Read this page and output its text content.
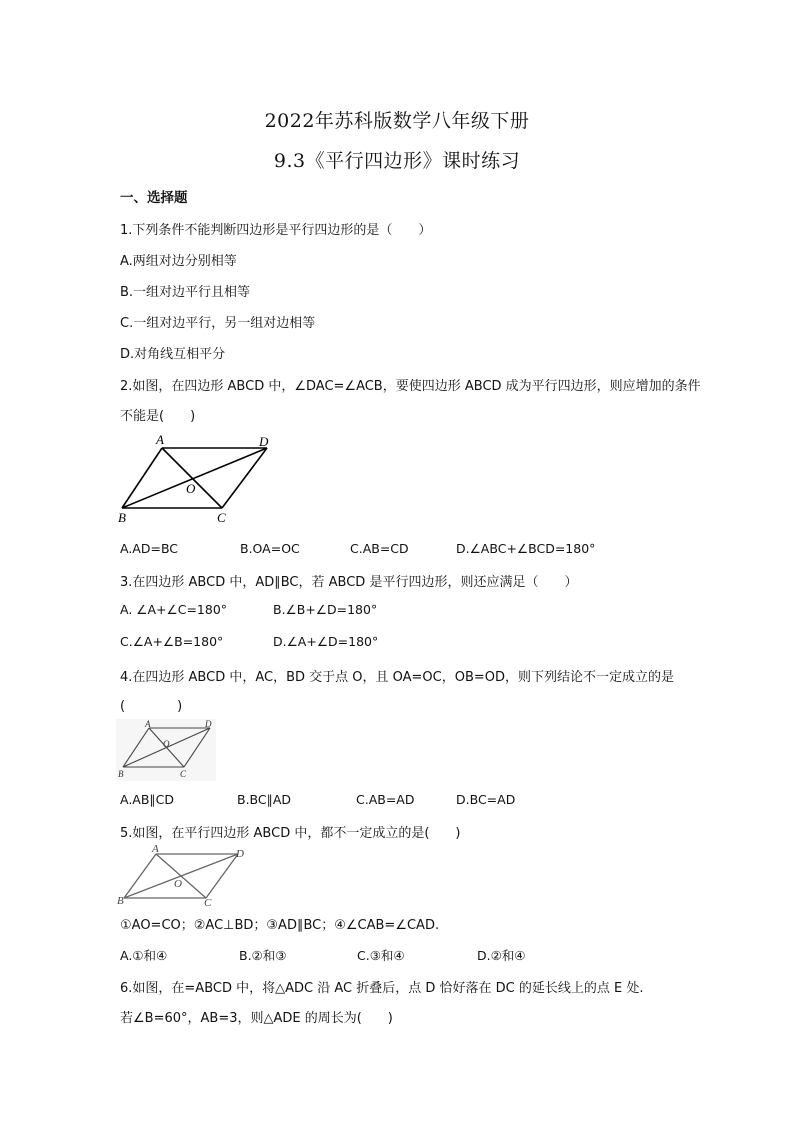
2022年苏科版数学八年级下册
9.3《平行四边形》课时练习
一、选择题
1.下列条件不能判断四边形是平行四边形的是（　　）
A.两组对边分别相等
B.一组对边平行且相等
C.一组对边平行，另一组对边相等
D.对角线互相平分
2.如图，在四边形 ABCD 中，∠DAC=∠ACB，要使四边形 ABCD 成为平行四边形，则应增加的条件
不能是(　　)
A	D
O
B	C
A.AD=BC	B.OA=OC	C.AB=CD	D.∠ABC+∠BCD=180°
3.在四边形 ABCD 中，AD∥BC，若 ABCD 是平行四边形，则还应满足（　　）
A. ∠A+∠C=180°	B.∠B+∠D=180°
C.∠A+∠B=180°	D.∠A+∠D=180°
4.在四边形 ABCD 中，AC，BD 交于点 O，且 OA=OC，OB=OD，则下列结论不一定成立的是
(　　　　)
A	D
O
B	C
A.AB∥CD	B.BC∥AD	C.AB=AD	D.BC=AD
5.如图，在平行四边形 ABCD 中，都不一定成立的是(　　)
A	D
O
B	C
①AO=CO；②AC⊥BD；③AD∥BC；④∠CAB=∠CAD.
A.①和④	B.②和③	C.③和④	D.②和④
6.如图，在=ABCD 中，将△ADC 沿 AC 折叠后，点 D 恰好落在 DC 的延长线上的点 E 处.
若∠B=60°，AB=3，则△ADE 的周长为(　　)
